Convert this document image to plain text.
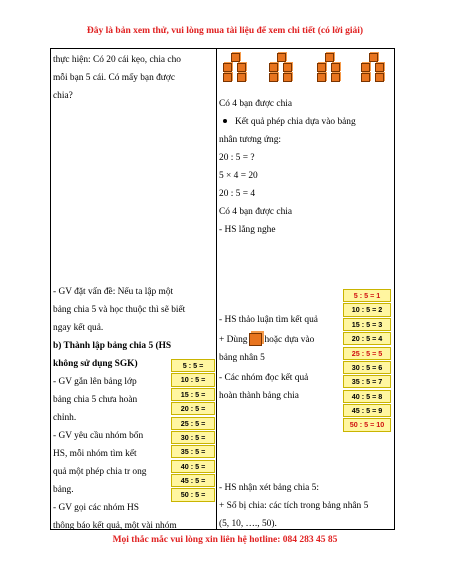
Đây là bản xem thử, vui lòng mua tài liệu để xem chi tiết (có lời giải)
thực hiện: Có 20 cái kẹo, chia cho
mỗi bạn 5 cái. Có mấy bạn được
chia?
- GV đặt vấn đề: Nếu ta lập một
bảng chia 5 và học thuộc thì sẽ biết
ngay kết quả.
b) Thành lập bảng chia 5 (HS
không sử dụng SGK)
- GV gắn lên bảng lớp
bảng chia 5 chưa hoàn
chỉnh.
- GV yêu cầu nhóm bốn
HS, mỗi nhóm tìm kết
quả một phép chia tr ong
bảng.
- GV gọi các nhóm HS
thông báo kết quả, một vài nhóm
5 : 5 =
10 : 5 =
15 : 5 =
20 : 5 =
25 : 5 =
30 : 5 =
35 : 5 =
40 : 5 =
45 : 5 =
50 : 5 =
Có 4 bạn được chia
Kết quả phép chia dựa vào bảng
nhân tương ứng:
20 : 5 = ?
5 × 4 = 20
20 : 5 = 4
Có 4 bạn được chia
- HS lắng nghe
- HS thảo luận tìm kết quả
+ Dùng hoặc dựa vào
bảng nhân 5
- Các nhóm đọc kết quả
hoàn thành bảng chia
- HS nhận xét bảng chia 5:
+ Số bị chia: các tích trong bảng nhân 5
(5, 10, …., 50).
5 : 5 = 1
10 : 5 = 2
15 : 5 = 3
20 : 5 = 4
25 : 5 = 5
30 : 5 = 6
35 : 5 = 7
40 : 5 = 8
45 : 5 = 9
50 : 5 = 10
Mọi thắc mắc vui lòng xin liên hệ hotline: 084 283 45 85
